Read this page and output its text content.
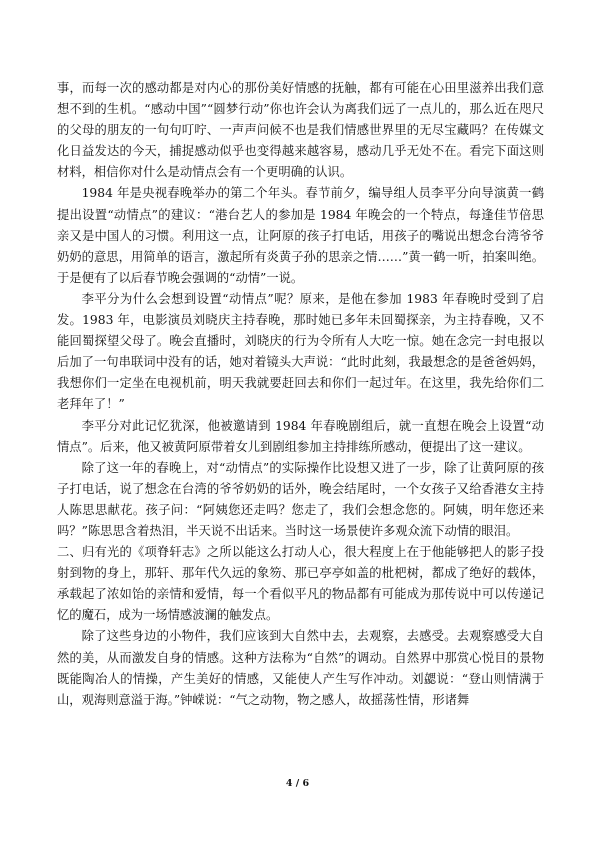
事，而每一次的感动都是对内心的那份美好情感的抚触，都有可能在心田里滋养出我们意想不到的生机。“感动中国”“圆梦行动”你也许会认为离我们远了一点儿的，那么近在咫尺的父母的朋友的一句句叮咛、一声声问候不也是我们情感世界里的无尽宝藏吗？在传媒文化日益发达的今天，捕捉感动似乎也变得越来越容易，感动几乎无处不在。看完下面这则材料，相信你对什么是动情点会有一个更明确的认识。

1984 年是央视春晚举办的第二个年头。春节前夕，编导组人员李平分向导演黄一鹤提出设置“动情点”的建议：“港台艺人的参加是 1984 年晚会的一个特点，每逢佳节倍思亲又是中国人的习惯。利用这一点，让阿原的孩子打电话，用孩子的嘴说出想念台湾爷爷奶奶的意思，用简单的语言，激起所有炎黄子孙的思亲之情……”黄一鹤一听，拍案叫绝。于是便有了以后春节晚会强调的“动情”一说。

李平分为什么会想到设置“动情点”呢？原来，是他在参加 1983 年春晚时受到了启发。1983 年，电影演员刘晓庆主持春晚，那时她已多年未回蜀探亲，为主持春晚，又不能回蜀探望父母了。晚会直播时，刘晓庆的行为令所有人大吃一惊。她在念完一封电报以后加了一句串联词中没有的话，她对着镜头大声说：“此时此刻，我最想念的是爸爸妈妈，我想你们一定坐在电视机前，明天我就要赶回去和你们一起过年。在这里，我先给你们二老拜年了！”

李平分对此记忆犹深，他被邀请到 1984 年春晚剧组后，就一直想在晚会上设置“动情点”。后来，他又被黄阿原带着女儿到剧组参加主持排练所感动，便提出了这一建议。

除了这一年的春晚上，对“动情点”的实际操作比设想又进了一步，除了让黄阿原的孩子打电话，说了想念在台湾的爷爷奶奶的话外，晚会结尾时，一个女孩子又给香港女主持人陈思思献花。孩子问：“阿姨您还走吗？您走了，我们会想念您的。阿姨，明年您还来吗？”陈思思含着热泪，半天说不出话来。当时这一场景使许多观众流下动情的眼泪。

二、归有光的《项脊轩志》之所以能这么打动人心，很大程度上在于他能够把人的影子投射到物的身上，那轩、那年代久远的象笏、那已亭亭如盖的枇杷树，都成了绝好的载体，承载起了浓如饴的亲情和爱情，每一个看似平凡的物品都有可能成为那传说中可以传递记忆的魔石，成为一场情感波澜的触发点。

除了这些身边的小物件，我们应该到大自然中去，去观察，去感受。去观察感受大自然的美，从而激发自身的情感。这种方法称为“自然”的调动。自然界中那赏心悦目的景物既能陶冶人的情操，产生美好的情感，又能使人产生写作冲动。刘勰说：“登山则情满于山，观海则意溢于海。”钟嵘说：“气之动物，物之感人，故摇荡性情，形诸舞

4 / 6
